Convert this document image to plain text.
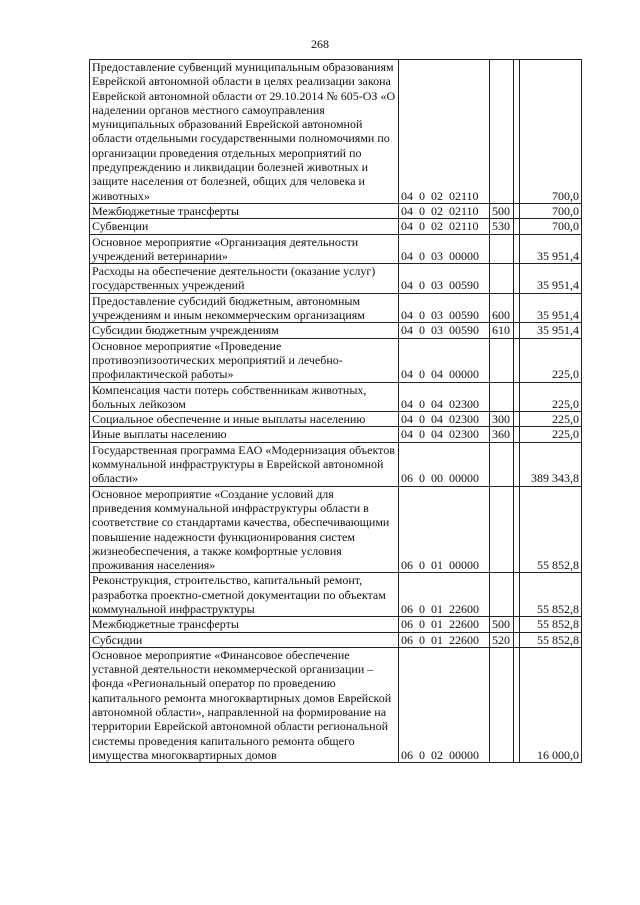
268
Предоставление субвенций муниципальным образованиям Еврейской автономной области в целях реализации закона Еврейской автономной области от 29.10.2014 № 605-ОЗ «О наделении органов местного самоуправления муниципальных образований Еврейской автономной области отдельными государственными полномочиями по организации проведения отдельных мероприятий по предупреждению и ликвидации болезней животных и защите населения от болезней, общих для человека и животных»	04 0 02 02110			700,0
Межбюджетные трансферты	04 0 02 02110	500		700,0
Субвенции	04 0 02 02110	530		700,0
Основное мероприятие «Организация деятельности учреждений ветеринарии»	04 0 03 00000			35 951,4
Расходы на обеспечение деятельности (оказание услуг) государственных учреждений	04 0 03 00590			35 951,4
Предоставление субсидий бюджетным, автономным учреждениям и иным некоммерческим организациям	04 0 03 00590	600		35 951,4
Субсидии бюджетным учреждениям	04 0 03 00590	610		35 951,4
Основное мероприятие «Проведение противоэпизоотических мероприятий и лечебно-профилактической работы»	04 0 04 00000			225,0
Компенсация части потерь собственникам животных, больных лейкозом	04 0 04 02300			225,0
Социальное обеспечение и иные выплаты населению	04 0 04 02300	300		225,0
Иные выплаты населению	04 0 04 02300	360		225,0
Государственная программа ЕАО «Модернизация объектов коммунальной инфраструктуры в Еврейской автономной области»	06 0 00 00000			389 343,8
Основное мероприятие «Создание условий для приведения коммунальной инфраструктуры области в соответствие со стандартами качества, обеспечивающими повышение надежности функционирования систем жизнеобеспечения, а также комфортные условия проживания населения»	06 0 01 00000			55 852,8
Реконструкция, строительство, капитальный ремонт, разработка проектно-сметной документации по объектам коммунальной инфраструктуры	06 0 01 22600			55 852,8
Межбюджетные трансферты	06 0 01 22600	500		55 852,8
Субсидии	06 0 01 22600	520		55 852,8
Основное мероприятие «Финансовое обеспечение уставной деятельности некоммерческой организации – фонда «Региональный оператор по проведению капитального ремонта многоквартирных домов Еврейской автономной области», направленной на формирование на территории Еврейской автономной области региональной системы проведения капитального ремонта общего имущества многоквартирных домов	06 0 02 00000			16 000,0
